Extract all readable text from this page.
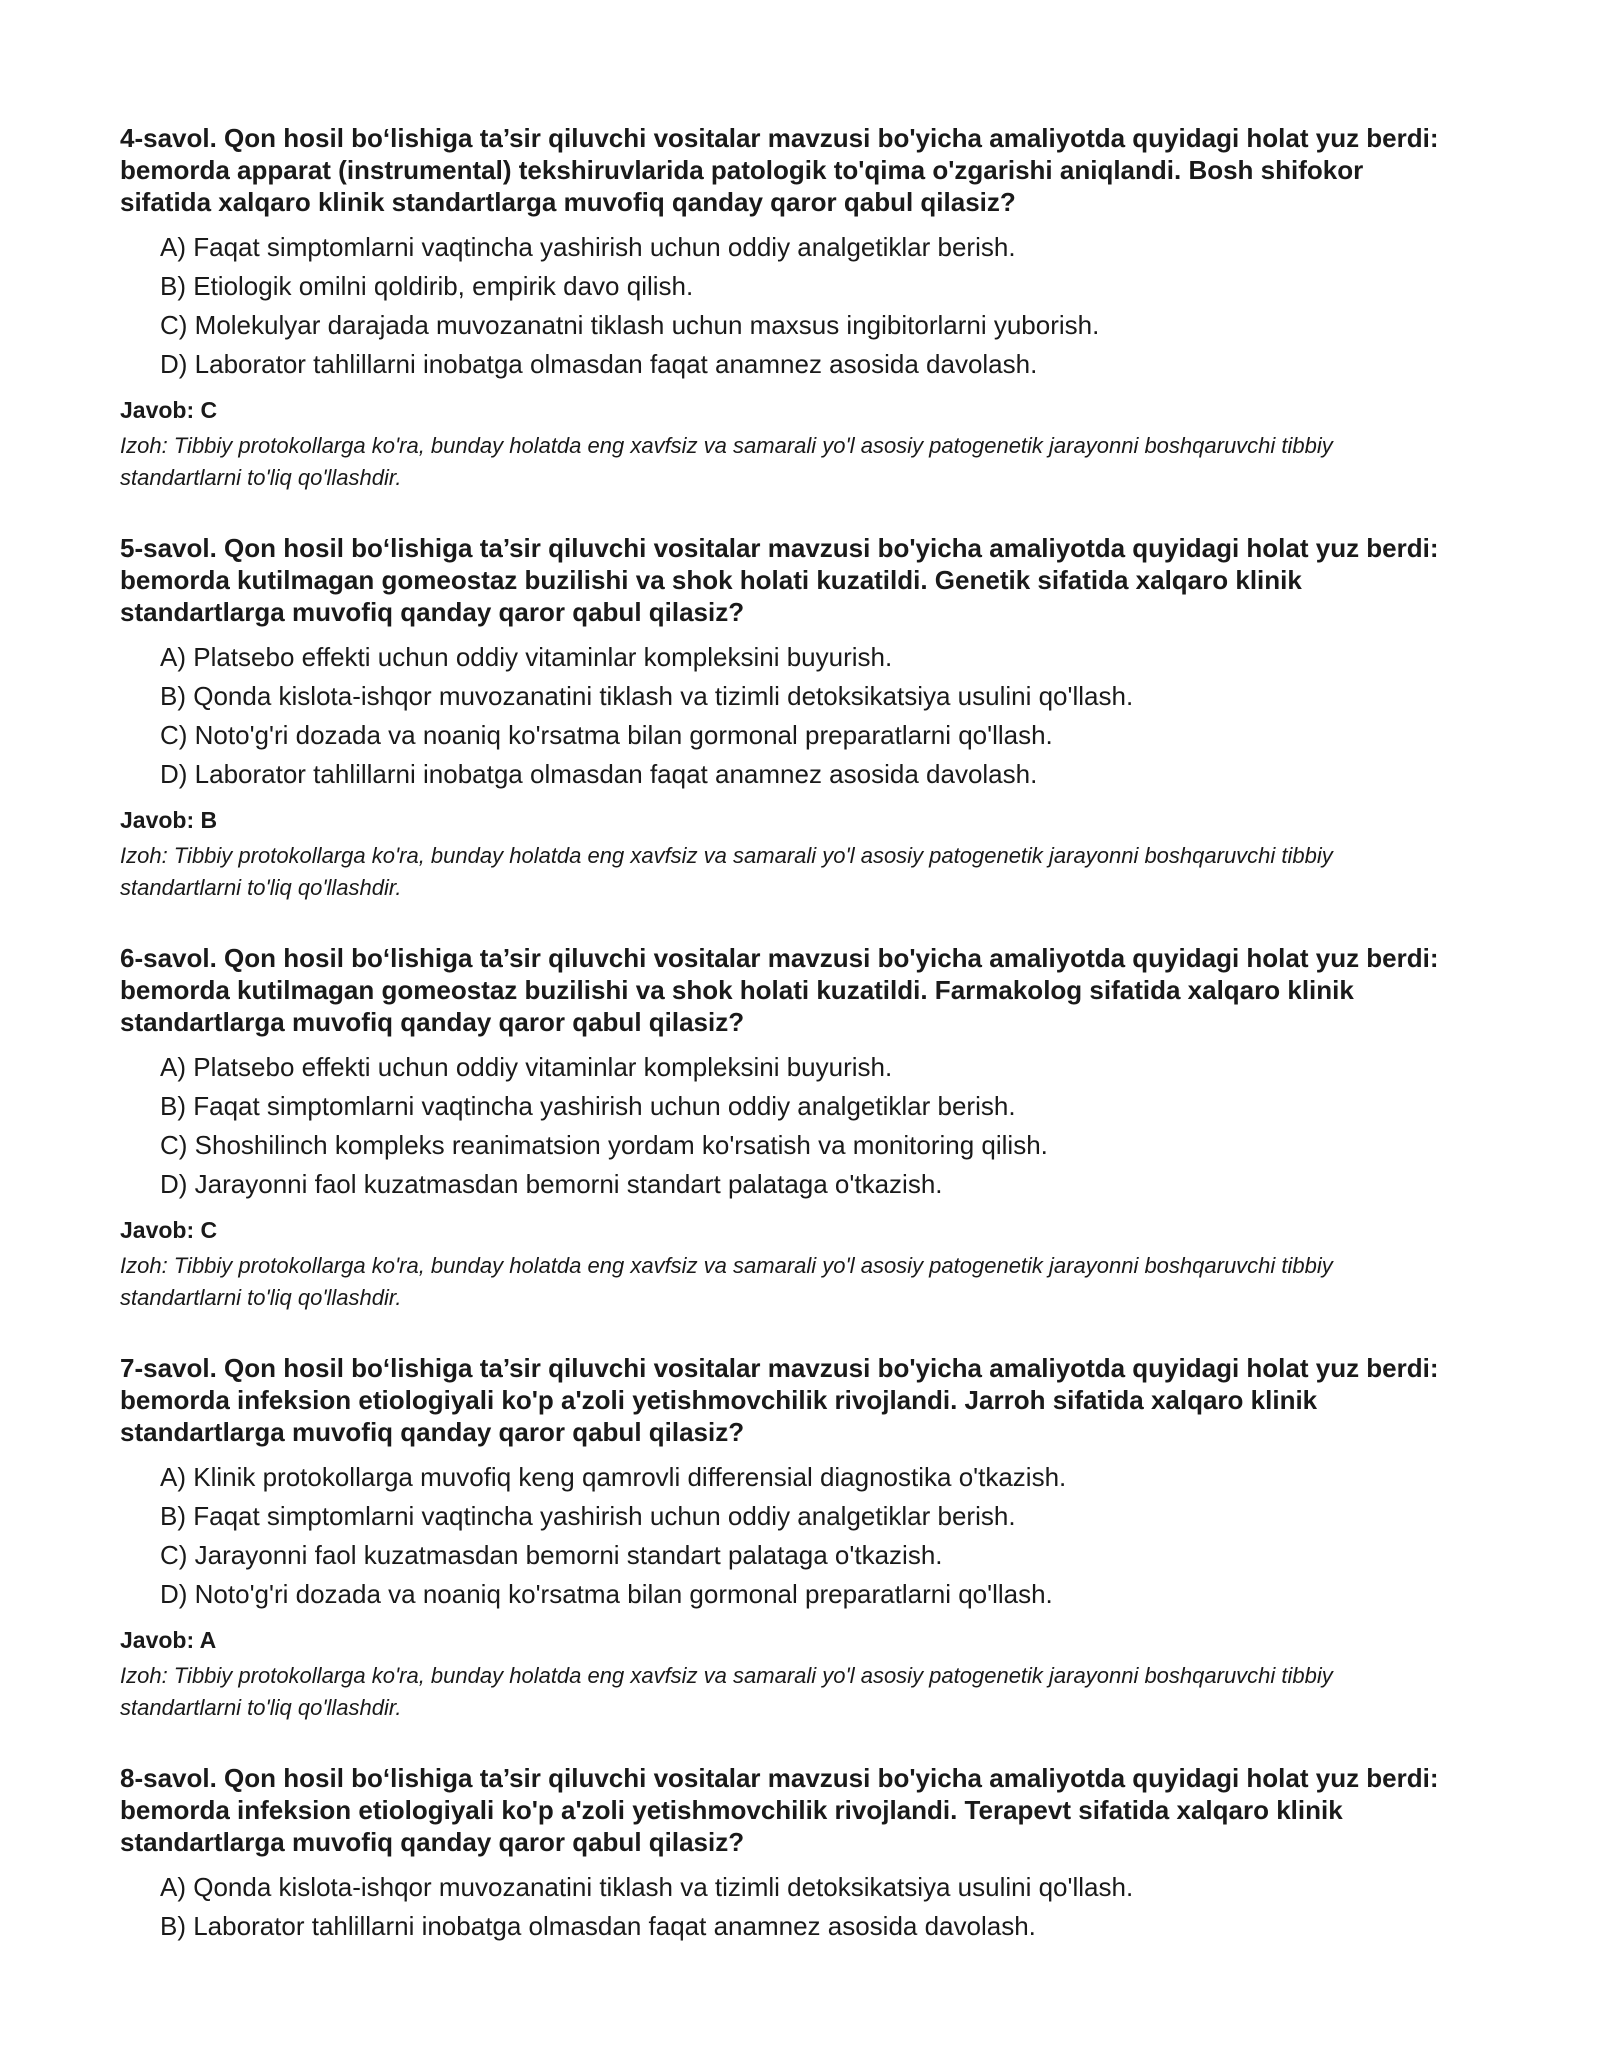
4-savol. Qon hosil bo‘lishiga ta’sir qiluvchi vositalar mavzusi bo'yicha amaliyotda quyidagi holat yuz berdi: bemorda apparat (instrumental) tekshiruvlarida patologik to'qima o'zgarishi aniqlandi. Bosh shifokor sifatida xalqaro klinik standartlarga muvofiq qanday qaror qabul qilasiz?
A) Faqat simptomlarni vaqtincha yashirish uchun oddiy analgetiklar berish.
B) Etiologik omilni qoldirib, empirik davo qilish.
C) Molekulyar darajada muvozanatni tiklash uchun maxsus ingibitorlarni yuborish.
D) Laborator tahlillarni inobatga olmasdan faqat anamnez asosida davolash.
Javob: C
Izoh: Tibbiy protokollarga ko'ra, bunday holatda eng xavfsiz va samarali yo'l asosiy patogenetik jarayonni boshqaruvchi tibbiy standartlarni to'liq qo'llashdir.
5-savol. Qon hosil bo‘lishiga ta’sir qiluvchi vositalar mavzusi bo'yicha amaliyotda quyidagi holat yuz berdi: bemorda kutilmagan gomeostaz buzilishi va shok holati kuzatildi. Genetik sifatida xalqaro klinik standartlarga muvofiq qanday qaror qabul qilasiz?
A) Platsebo effekti uchun oddiy vitaminlar kompleksini buyurish.
B) Qonda kislota-ishqor muvozanatini tiklash va tizimli detoksikatsiya usulini qo'llash.
C) Noto'g'ri dozada va noaniq ko'rsatma bilan gormonal preparatlarni qo'llash.
D) Laborator tahlillarni inobatga olmasdan faqat anamnez asosida davolash.
Javob: B
Izoh: Tibbiy protokollarga ko'ra, bunday holatda eng xavfsiz va samarali yo'l asosiy patogenetik jarayonni boshqaruvchi tibbiy standartlarni to'liq qo'llashdir.
6-savol. Qon hosil bo‘lishiga ta’sir qiluvchi vositalar mavzusi bo'yicha amaliyotda quyidagi holat yuz berdi: bemorda kutilmagan gomeostaz buzilishi va shok holati kuzatildi. Farmakolog sifatida xalqaro klinik standartlarga muvofiq qanday qaror qabul qilasiz?
A) Platsebo effekti uchun oddiy vitaminlar kompleksini buyurish.
B) Faqat simptomlarni vaqtincha yashirish uchun oddiy analgetiklar berish.
C) Shoshilinch kompleks reanimatsion yordam ko'rsatish va monitoring qilish.
D) Jarayonni faol kuzatmasdan bemorni standart palataga o'tkazish.
Javob: C
Izoh: Tibbiy protokollarga ko'ra, bunday holatda eng xavfsiz va samarali yo'l asosiy patogenetik jarayonni boshqaruvchi tibbiy standartlarni to'liq qo'llashdir.
7-savol. Qon hosil bo‘lishiga ta’sir qiluvchi vositalar mavzusi bo'yicha amaliyotda quyidagi holat yuz berdi: bemorda infeksion etiologiyali ko'p a'zoli yetishmovchilik rivojlandi. Jarroh sifatida xalqaro klinik standartlarga muvofiq qanday qaror qabul qilasiz?
A) Klinik protokollarga muvofiq keng qamrovli differensial diagnostika o'tkazish.
B) Faqat simptomlarni vaqtincha yashirish uchun oddiy analgetiklar berish.
C) Jarayonni faol kuzatmasdan bemorni standart palataga o'tkazish.
D) Noto'g'ri dozada va noaniq ko'rsatma bilan gormonal preparatlarni qo'llash.
Javob: A
Izoh: Tibbiy protokollarga ko'ra, bunday holatda eng xavfsiz va samarali yo'l asosiy patogenetik jarayonni boshqaruvchi tibbiy standartlarni to'liq qo'llashdir.
8-savol. Qon hosil bo‘lishiga ta’sir qiluvchi vositalar mavzusi bo'yicha amaliyotda quyidagi holat yuz berdi: bemorda infeksion etiologiyali ko'p a'zoli yetishmovchilik rivojlandi. Terapevt sifatida xalqaro klinik standartlarga muvofiq qanday qaror qabul qilasiz?
A) Qonda kislota-ishqor muvozanatini tiklash va tizimli detoksikatsiya usulini qo'llash.
B) Laborator tahlillarni inobatga olmasdan faqat anamnez asosida davolash.
